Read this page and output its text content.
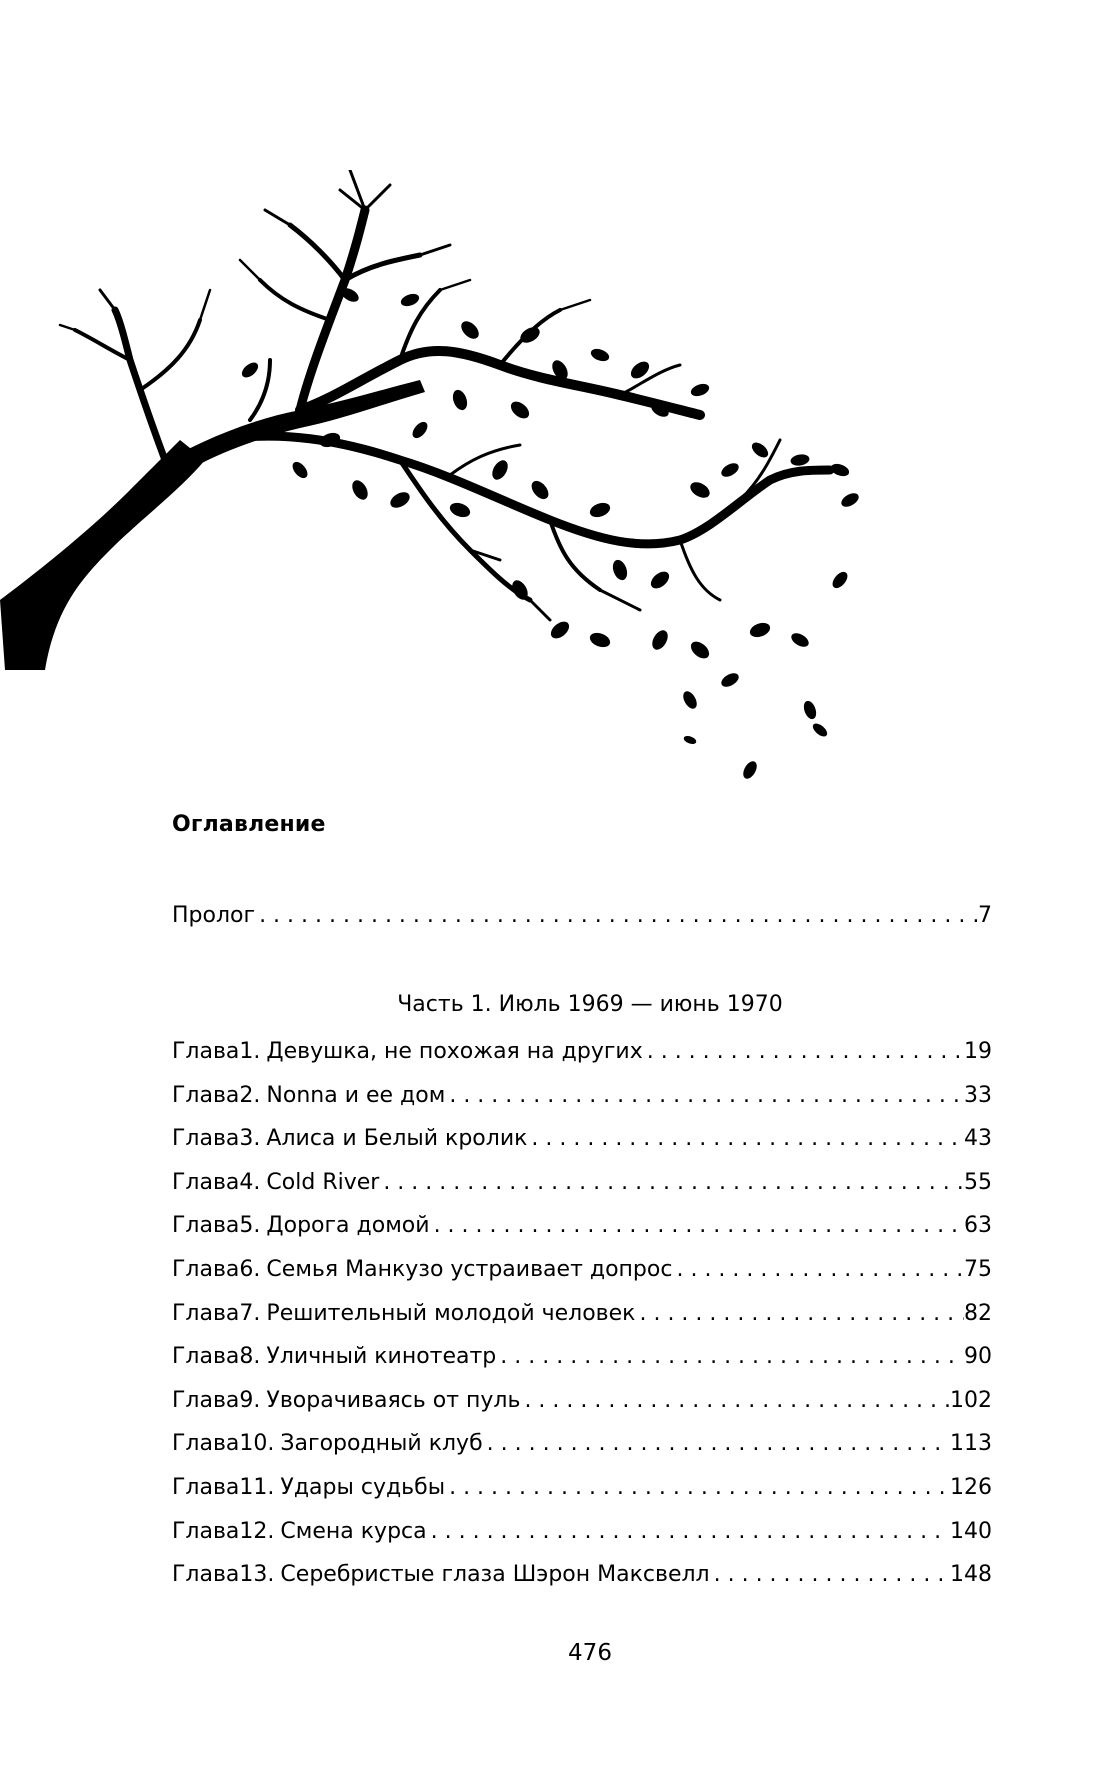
Оглавление
Пролог . . .	7
Часть 1. Июль 1969 — июнь 1970
Глава 1. Девушка, не похожая на других . . .	19
Глава 2. Nonna и ее дом . . .	33
Глава 3. Алиса и Белый кролик . . .	43
Глава 4. Cold River . . .	55
Глава 5. Дорога домой . . .	63
Глава 6. Семья Манкузо устраивает допрос . . .	75
Глава 7. Решительный молодой человек . . .	82
Глава 8. Уличный кинотеатр . . .	90
Глава 9. Уворачиваясь от пуль . . .	102
Глава 10. Загородный клуб . . .	113
Глава 11. Удары судьбы . . .	126
Глава 12. Смена курса . . .	140
Глава 13. Серебристые глаза Шэрон Максвелл . . .	148
476
